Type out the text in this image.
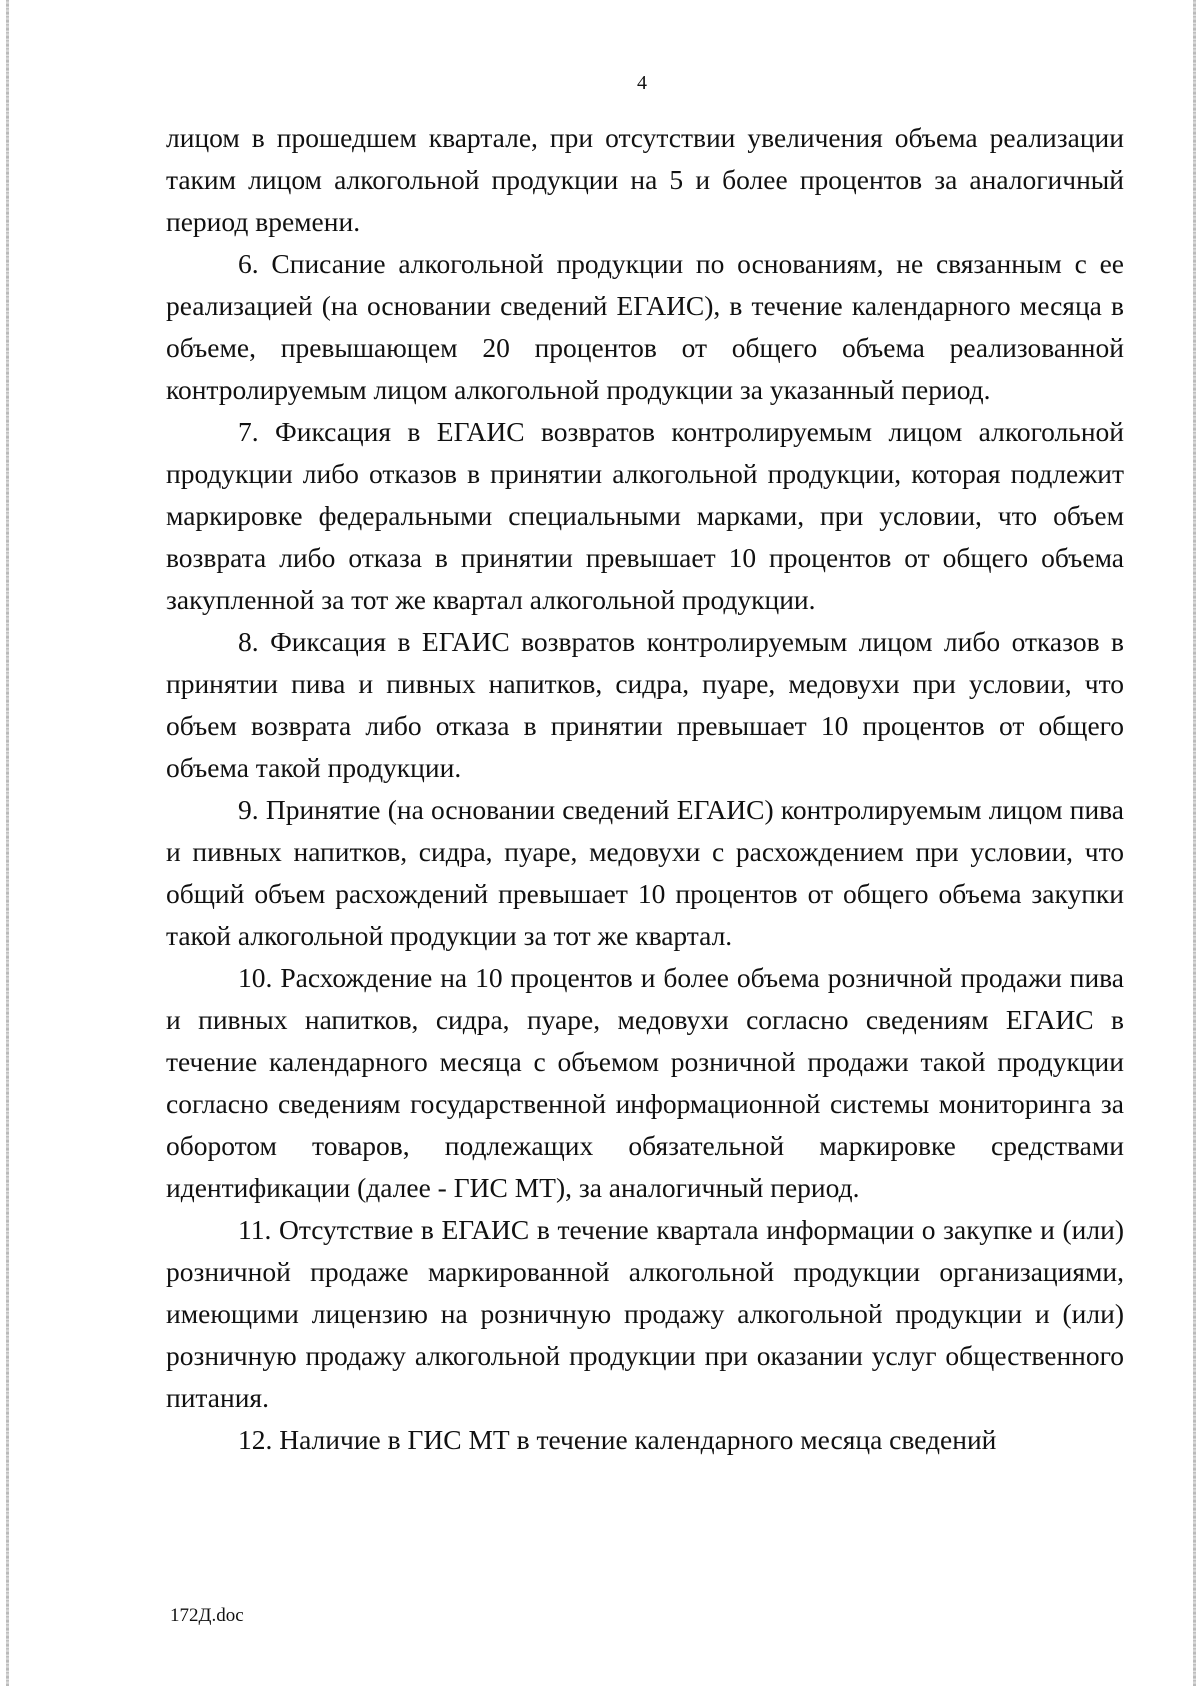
4

лицом в прошедшем квартале, при отсутствии увеличения объема реализации таким лицом алкогольной продукции на 5 и более процентов за аналогичный период времени.

6. Списание алкогольной продукции по основаниям, не связанным с ее реализацией (на основании сведений ЕГАИС), в течение календарного месяца в объеме, превышающем 20 процентов от общего объема реализованной контролируемым лицом алкогольной продукции за указанный период.

7. Фиксация в ЕГАИС возвратов контролируемым лицом алкогольной продукции либо отказов в принятии алкогольной продукции, которая подлежит маркировке федеральными специальными марками, при условии, что объем возврата либо отказа в принятии превышает 10 процентов от общего объема закупленной за тот же квартал алкогольной продукции.

8. Фиксация в ЕГАИС возвратов контролируемым лицом либо отказов в принятии пива и пивных напитков, сидра, пуаре, медовухи при условии, что объем возврата либо отказа в принятии превышает 10 процентов от общего объема такой продукции.

9. Принятие (на основании сведений ЕГАИС) контролируемым лицом пива и пивных напитков, сидра, пуаре, медовухи с расхождением при условии, что общий объем расхождений превышает 10 процентов от общего объема закупки такой алкогольной продукции за тот же квартал.

10. Расхождение на 10 процентов и более объема розничной продажи пива и пивных напитков, сидра, пуаре, медовухи согласно сведениям ЕГАИС в течение календарного месяца с объемом розничной продажи такой продукции согласно сведениям государственной информационной системы мониторинга за оборотом товаров, подлежащих обязательной маркировке средствами идентификации (далее - ГИС МТ), за аналогичный период.

11. Отсутствие в ЕГАИС в течение квартала информации о закупке и (или) розничной продаже маркированной алкогольной продукции организациями, имеющими лицензию на розничную продажу алкогольной продукции и (или) розничную продажу алкогольной продукции при оказании услуг общественного питания.

12. Наличие в ГИС МТ в течение календарного месяца сведений

172Д.doc
